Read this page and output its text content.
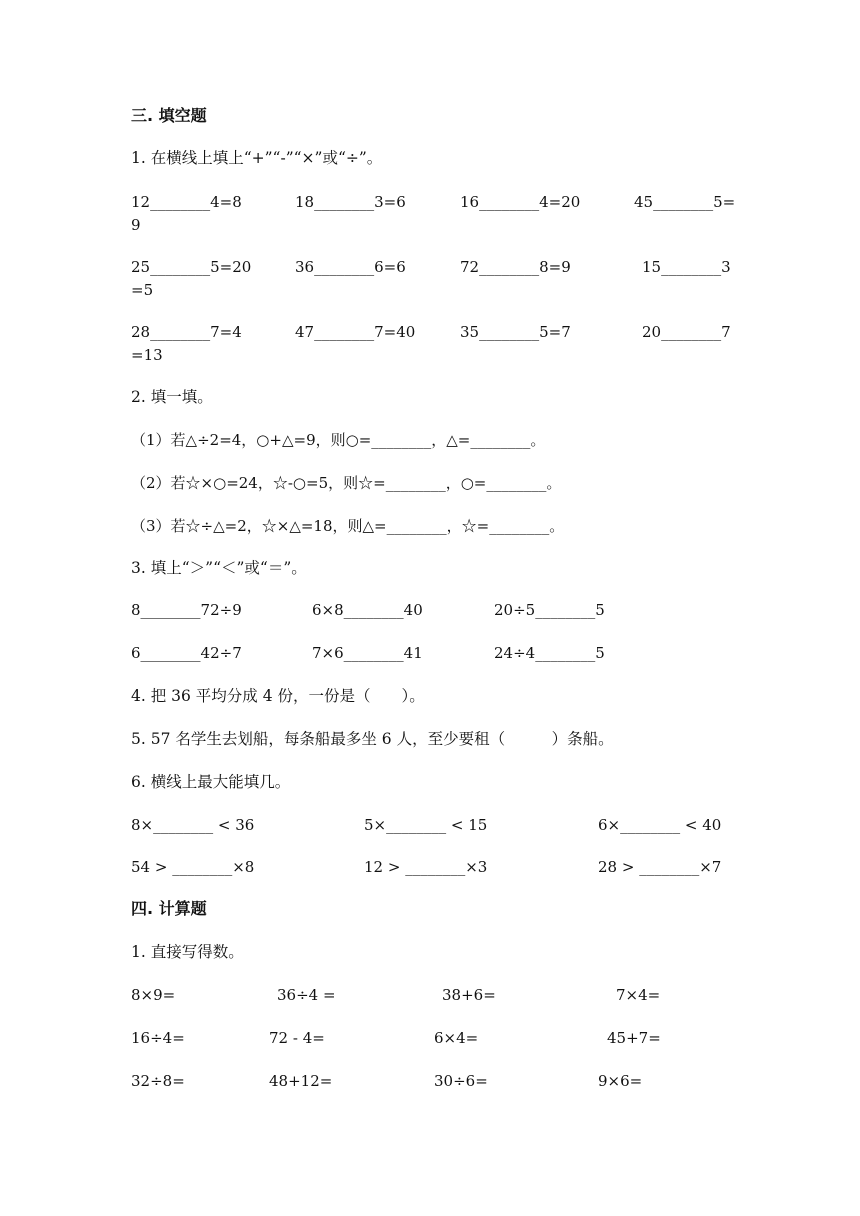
三. 填空题
1. 在横线上填上“+”“-”“×”或“÷”。
12________4=8	18________3=6	16________4=20	45________5=
9
25________5=20	36________6=6	72________8=9	15________3
=5
28________7=4	47________7=40	35________5=7	20________7
=13
2. 填一填。
（1）若△÷2=4，○+△=9，则○=________，△=________。
（2）若☆×○=24，☆-○=5，则☆=________，○=________。
（3）若☆÷△=2，☆×△=18，则△=________，☆=________。
3. 填上“＞”“＜”或“＝”。
8________72÷9	6×8________40	20÷5________5
6________42÷7	7×6________41	24÷4________5
4. 把 36 平均分成 4 份，一份是（　　）。
5. 57 名学生去划船，每条船最多坐 6 人，至少要租（　　　）条船。
6. 横线上最大能填几。
8×________ < 36	5×________ < 15	6×________ < 40
54 > ________×8	12 > ________×3	28 > ________×7
四. 计算题
1. 直接写得数。
8×9=	36÷4 =	38+6=	7×4=
16÷4=	72 - 4=	6×4=	45+7=
32÷8=	48+12=	30÷6=	9×6=
